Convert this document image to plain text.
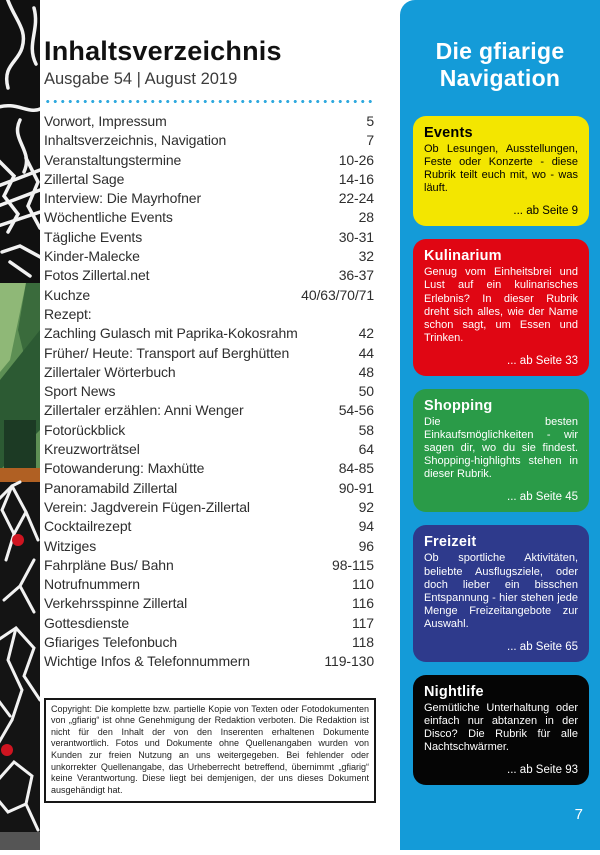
Inhaltsverzeichnis
Ausgabe 54 | August 2019
Vorwort, Impressum	5
Inhaltsverzeichnis, Navigation	7
Veranstaltungstermine	10-26
Zillertal Sage	14-16
Interview: Die Mayrhofner	22-24
Wöchentliche Events	28
Tägliche Events	30-31
Kinder-Malecke	32
Fotos Zillertal.net	36-37
Kuchze	40/63/70/71
Rezept:
Zachling Gulasch mit Paprika-Kokosrahm	42
Früher/ Heute: Transport auf Berghütten	44
Zillertaler Wörterbuch	48
Sport News	50
Zillertaler erzählen: Anni Wenger	54-56
Fotorückblick	58
Kreuzworträtsel	64
Fotowanderung: Maxhütte	84-85
Panoramabild Zillertal	90-91
Verein: Jagdverein Fügen-Zillertal	92
Cocktailrezept	94
Witziges	96
Fahrpläne Bus/ Bahn	98-115
Notrufnummern	110
Verkehrsspinne Zillertal	116
Gottesdienste	117
Gfiariges Telefonbuch	118
Wichtige Infos & Telefonnummern	119-130
Copyright: Die komplette bzw. partielle Kopie von Texten oder Fotodokumenten von „gfiarig“ ist ohne Genehmigung der Redaktion verboten. Die Redaktion ist nicht für den Inhalt der von den Inserenten erhaltenen Dokumente verantwortlich. Fotos und Dokumente ohne Quellenangaben wurden von Kunden zur freien Nutzung an uns weitergegeben. Bei fehlender oder unkorrekter Quellenangabe, das Urheberrecht betreffend, übernimmt „gfiarig“ keine Verantwortung. Diese liegt bei demjenigen, der uns dieses Dokument ausgehändigt hat.
Die gfiarige Navigation
Events
Ob Lesungen, Ausstellungen, Feste oder Konzerte - diese Rubrik teilt euch mit, wo - was läuft.
... ab Seite 9
Kulinarium
Genug vom Einheitsbrei und Lust auf ein kulinarisches Erlebnis? In dieser Rubrik dreht sich alles, wie der Name schon sagt, um Essen und Trinken.
... ab Seite 33
Shopping
Die besten Einkaufsmöglichkeiten - wir sagen dir, wo du sie findest. Shopping-highlights stehen in dieser Rubrik.
... ab Seite 45
Freizeit
Ob sportliche Aktivitäten, beliebte Ausflugsziele, oder doch lieber ein bisschen Entspannung - hier stehen jede Menge Freizeitangebote zur Auswahl.
... ab Seite 65
Nightlife
Gemütliche Unterhaltung oder einfach nur abtanzen in der Disco? Die Rubrik für alle Nachtschwärmer.
... ab Seite 93
7
